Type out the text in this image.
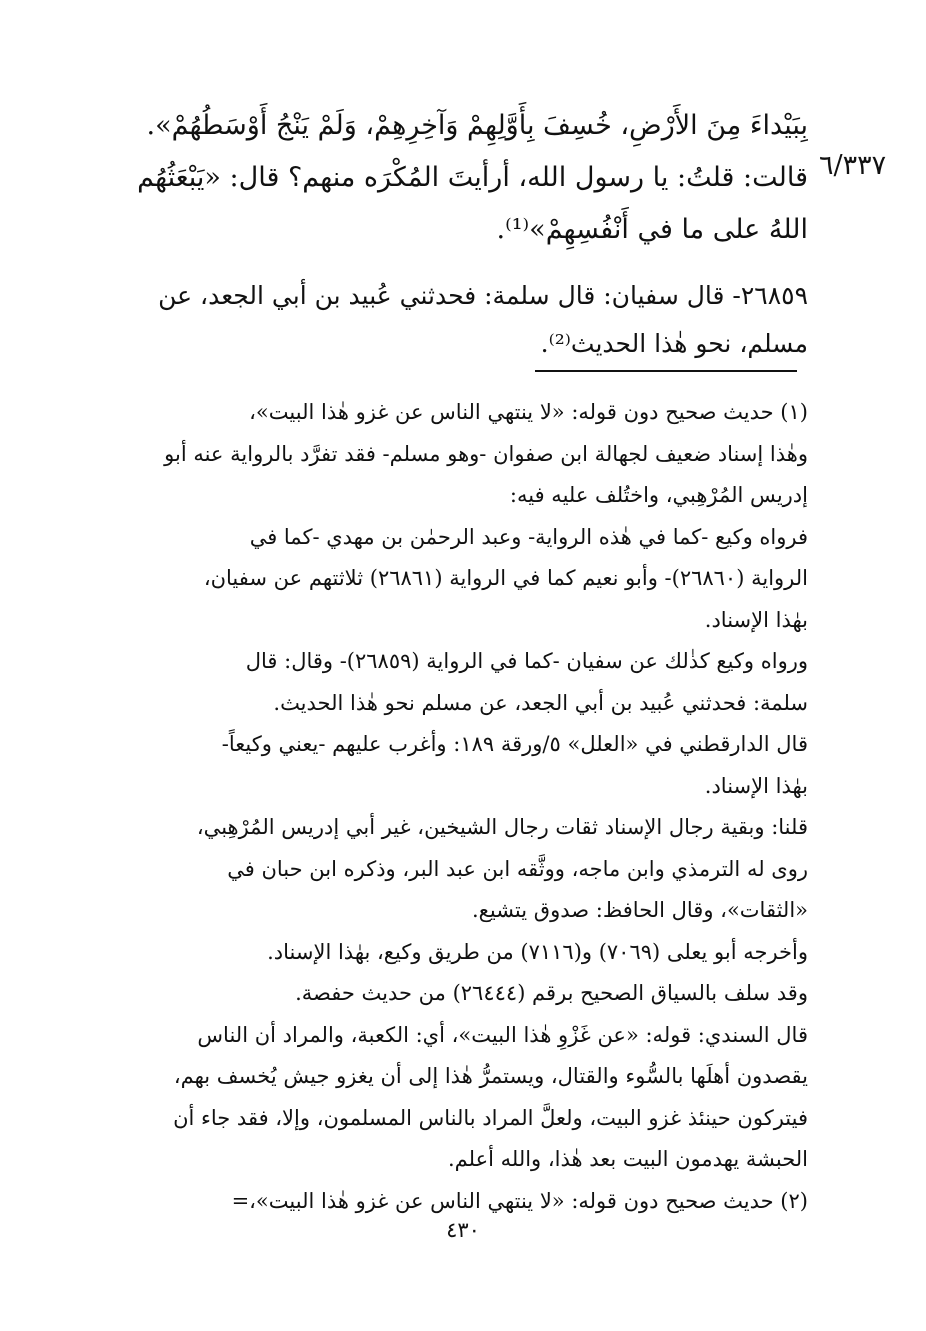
٦/٣٣٧
بِبَيْداءَ مِنَ الأَرْضِ، خُسِفَ بِأَوَّلِهِمْ وَآخِرِهِمْ، وَلَمْ يَنْجُ أَوْسَطُهُمْ».
قالت: قلتُ: يا رسول الله، أرأيتَ المُكْرَه منهم؟ قال: «يَبْعَثُهُم
اللهُ على ما في أَنْفُسِهِمْ»⁽¹⁾.
٢٦٨٥٩- قال سفيان: قال سلمة: فحدثني عُبيد بن أبي الجعد، عن
مسلم، نحو هٰذا الحديث⁽²⁾.
(١) حديث صحيح دون قوله: «لا ينتهي الناس عن غزو هٰذا البيت»،
وهٰذا إسناد ضعيف لجهالة ابن صفوان -وهو مسلم- فقد تفرَّد بالرواية عنه أبو
إدريس المُرْهِبي، واختُلف عليه فيه:
فرواه وكيع -كما في هٰذه الرواية- وعبد الرحمٰن بن مهدي -كما في
الرواية (٢٦٨٦٠)- وأبو نعيم كما في الرواية (٢٦٨٦١) ثلاثتهم عن سفيان،
بهٰذا الإسناد.
ورواه وكيع كذٰلك عن سفيان -كما في الرواية (٢٦٨٥٩)- وقال: قال
سلمة: فحدثني عُبيد بن أبي الجعد، عن مسلم نحو هٰذا الحديث.
قال الدارقطني في «العلل» ٥/ورقة ١٨٩: وأغرب عليهم -يعني وكيعاً-
بهٰذا الإسناد.
قلنا: وبقية رجال الإسناد ثقات رجال الشيخين، غير أبي إدريس المُرْهِبي،
روى له الترمذي وابن ماجه، ووثَّقه ابن عبد البر، وذكره ابن حبان في
«الثقات»، وقال الحافظ: صدوق يتشيع.
وأخرجه أبو يعلى (٧٠٦٩) و(٧١١٦) من طريق وكيع، بهٰذا الإسناد.
وقد سلف بالسياق الصحيح برقم (٢٦٤٤٤) من حديث حفصة.
قال السندي: قوله: «عن غَزْوِ هٰذا البيت»، أي: الكعبة، والمراد أن الناس
يقصدون أهلَها بالسُّوء والقتال، ويستمرُّ هٰذا إلى أن يغزو جيش يُخسف بهم،
فيتركون حينئذ غزو البيت، ولعلَّ المراد بالناس المسلمون، وإلا، فقد جاء أن
الحبشة يهدمون البيت بعد هٰذا، والله أعلم.
(٢) حديث صحيح دون قوله: «لا ينتهي الناس عن غزو هٰذا البيت»،=
٤٣٠
